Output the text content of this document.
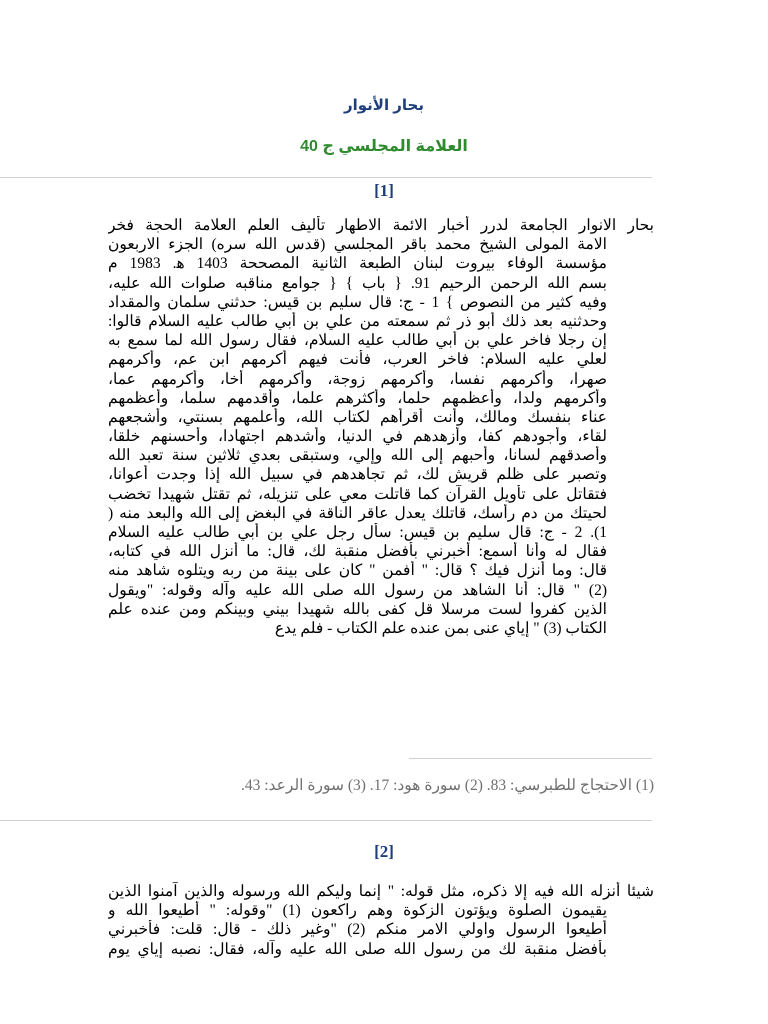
بحار الأنوار
العلامة المجلسي ج 40
[1]
بحار الانوار الجامعة لدرر أخبار الائمة الاطهار تأليف العلم العلامة الحجة فخر
الامة المولى الشيخ محمد باقر المجلسي (قدس الله سره) الجزء الاربعون
مؤسسة الوفاء بيروت لبنان الطبعة الثانية المصححة 1403 ه‍. 1983 م
بسم الله الرحمن الرحيم 91. { باب } { جوامع مناقبه صلوات الله عليه،
وفيه كثير من النصوص } 1 - ج: قال سليم بن قيس: حدثني سلمان والمقداد
وحدثنيه بعد ذلك أبو ذر ثم سمعته من علي بن أبي طالب عليه السلام قالوا:
إن رجلا فاخر علي بن أبي طالب عليه السلام، فقال رسول الله لما سمع به
لعلي عليه السلام: فاخر العرب، فأنت فيهم أكرمهم ابن عم، وأكرمهم
صهرا، وأكرمهم نفسا، وأكرمهم زوجة، وأكرمهم أخا، وأكرمهم عما،
وأكرمهم ولدا، وأعظمهم حلما، وأكثرهم علما، وأقدمهم سلما، وأعظمهم
عناء بنفسك ومالك، وأنت أقرأهم لكتاب الله، وأعلمهم بسنتي، وأشجعهم
لقاء، وأجودهم كفا، وأزهدهم في الدنيا، وأشدهم اجتهادا، وأحسنهم خلقا،
وأصدقهم لسانا، وأحبهم إلى الله وإلي، وستبقى بعدي ثلاثين سنة تعبد الله
وتصبر على ظلم قريش لك، ثم تجاهدهم في سبيل الله إذا وجدت أعوانا،
فتقاتل على تأويل القرآن كما قاتلت معي على تنزيله، ثم تقتل شهيدا تخضب
لحيتك من دم رأسك، قاتلك يعدل عاقر الناقة في البغض إلى الله والبعد منه (
1). 2 - ج: قال سليم بن قيس: سأل رجل علي بن أبي طالب عليه السلام
فقال له وأنا أسمع: أخبرني بأفضل منقبة لك، قال: ما أنزل الله في كتابه،
قال: وما أنزل فيك ؟ قال: " أفمن " كان على بينة من ربه ويتلوه شاهد منه
(2) " قال: أنا الشاهد من رسول الله صلى الله عليه وآله وقوله: "ويقول
الذين كفروا لست مرسلا قل كفى بالله شهيدا بيني وبينكم ومن عنده علم
الكتاب (3) " إياي عنى بمن عنده علم الكتاب - فلم يدع
(1) الاحتجاج للطبرسي: 83. (2) سورة هود: 17. (3) سورة الرعد: 43.
[2]
شيئا أنزله الله فيه إلا ذكره، مثل قوله: " إنما وليكم الله ورسوله والذين آمنوا الذين
يقيمون الصلوة ويؤتون الزكوة وهم راكعون (1) "وقوله: " أطيعوا الله و
أطيعوا الرسول واولي الامر منكم (2) "وغير ذلك - قال: قلت: فأخبرني
بأفضل منقبة لك من رسول الله صلى الله عليه وآله، فقال: نصبه إياي يوم
